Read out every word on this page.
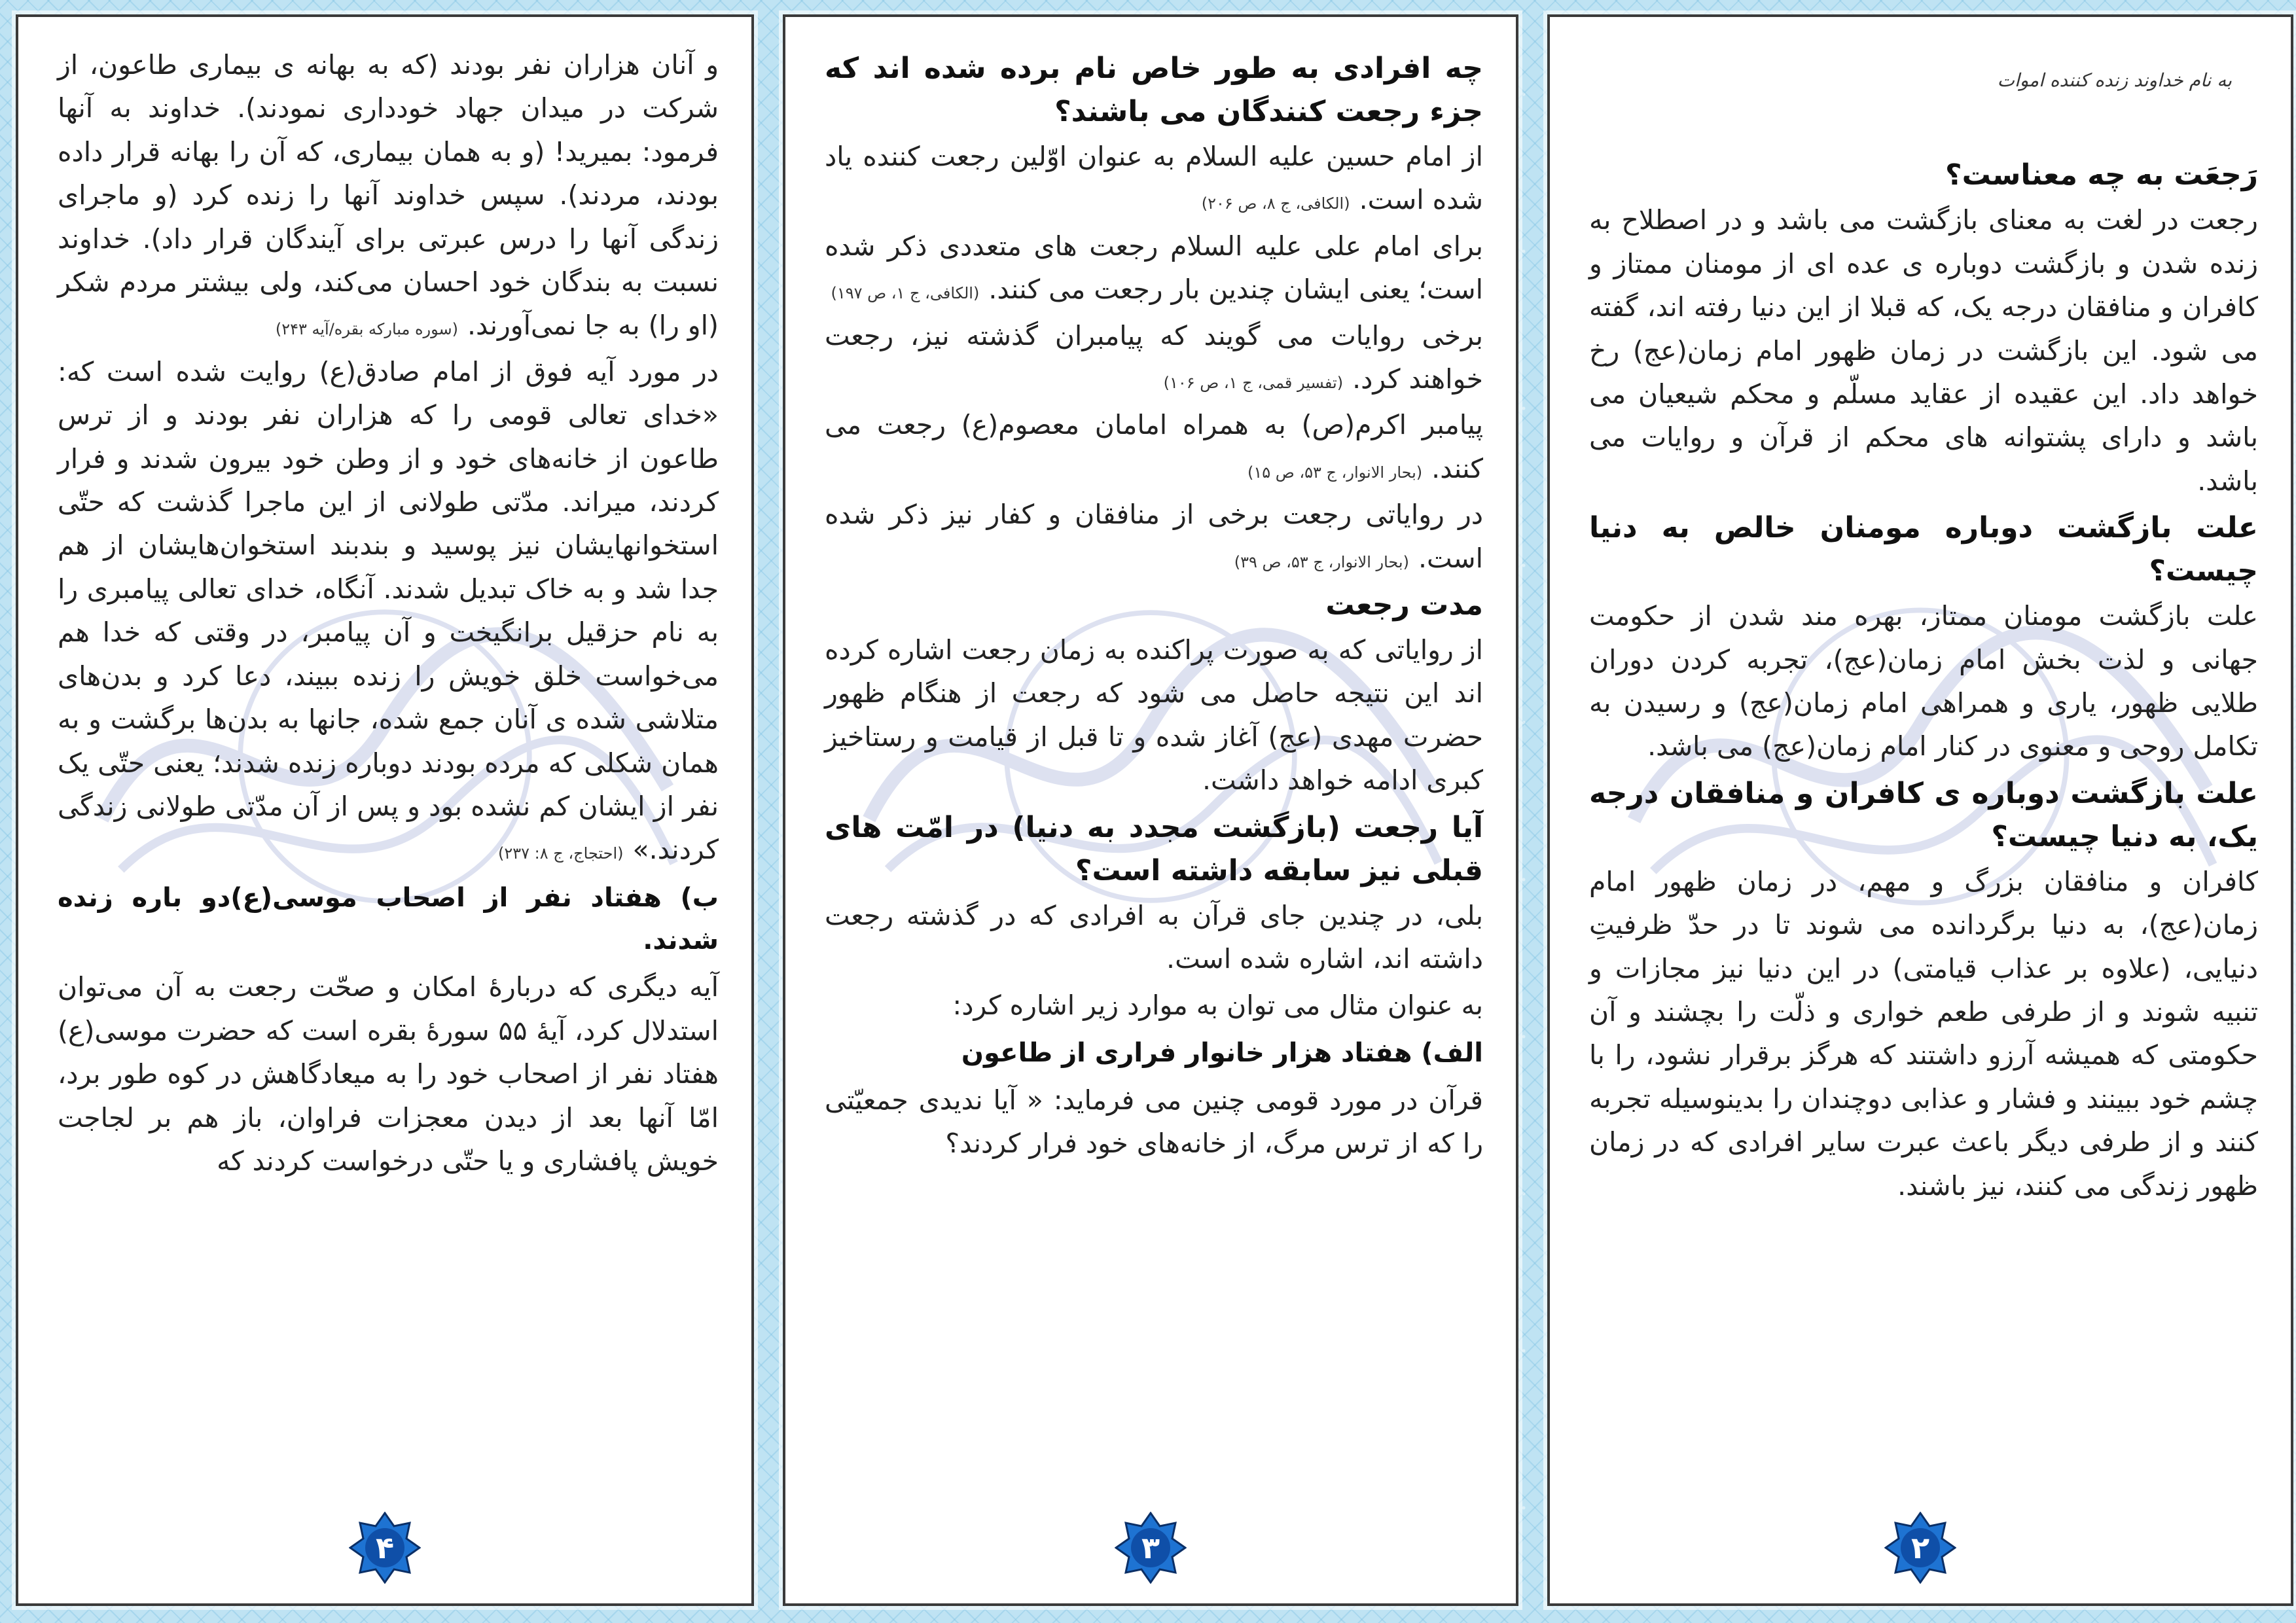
به نام خداوند زنده کننده اموات
رَجعَت به چه معناست؟

رجعت در لغت به معنای بازگشت می باشد و در اصطلاح به زنده شدن و بازگشت دوباره ی عده ای از مومنان ممتاز و کافران و منافقان درجه یک، که قبلا از این دنیا رفته اند، گفته می شود. این بازگشت در زمان ظهور امام زمان(عج) رخ خواهد داد. این عقیده از عقاید مسلّم و محکم شیعیان می باشد و دارای پشتوانه های محکم از قرآن و روایات می باشد.

علت بازگشت دوباره مومنان خالص به دنیا چیست؟

علت بازگشت مومنان ممتاز، بهره مند شدن از حکومت جهانی و لذت بخش امام زمان(عج)، تجربه کردن دوران طلایی ظهور، یاری و همراهی امام زمان(عج) و رسیدن به تکامل روحی و معنوی در کنار امام زمان(عج) می باشد.

علت بازگشت دوباره ی کافران و منافقان درجه یک، به دنیا چیست؟

کافران و منافقان بزرگ و مهم، در زمان ظهور امام زمان(عج)، به دنیا برگردانده می شوند تا در حدّ ظرفیتِ دنیایی، (علاوه بر عذاب قیامتی) در این دنیا نیز مجازات و تنبیه شوند و از طرفی طعم خواری و ذلّت را بچشند و آن حکومتی که همیشه آرزو داشتند که هرگز برقرار نشود، را با چشم خود ببینند و فشار و عذابی دوچندان را بدینوسیله تجربه کنند و از طرفی دیگر باعث عبرت سایر افرادی که در زمان ظهور زندگی می کنند، نیز باشند.

۲
چه افرادی به طور خاص نام برده شده اند که جزء رجعت کنندگان می باشند؟

از امام حسین علیه السلام به عنوان اوّلین رجعت کننده یاد شده است.(الکافی، ج ۸، ص ۲۰۶)

برای امام علی علیه السلام رجعت های متعددی ذکر شده است؛ یعنی ایشان چندین بار رجعت می کنند.(الکافی، ج ۱، ص ۱۹۷)

برخی روایات می گویند که پیامبران گذشته نیز، رجعت خواهند کرد.(تفسیر قمی، ج ۱، ص ۱۰۶)

پیامبر اکرم(ص) به همراه امامان معصوم(ع) رجعت می کنند.(بحار الانوار، ج ۵۳، ص ۱۵)

در روایاتی رجعت برخی از منافقان و کفار نیز ذکر شده است.(بحار الانوار، ج ۵۳، ص ۳۹)

مدت رجعت

از روایاتی که به صورت پراکنده به زمان رجعت اشاره کرده اند این نتیجه حاصل می شود که رجعت از هنگام ظهور حضرت مهدی (عج) آغاز شده و تا قبل از قیامت و رستاخیز کبری ادامه خواهد داشت.

آیا رجعت (بازگشت مجدد به دنیا) در امّت های قبلی نیز سابقه داشته است؟

بلی، در چندین جای قرآن به افرادی که در گذشته رجعت داشته اند، اشاره شده است.

به عنوان مثال می توان به موارد زیر اشاره کرد:

الف) هفتاد هزار خانوار فراری از طاعون

قرآن در مورد قومی چنین می فرماید: « آیا ندیدی جمعیّتی را که از ترس مرگ، از خانه‌های خود فرار کردند؟

۳

و آنان هزاران نفر بودند (که به بهانه ی بیماری طاعون، از شرکت در میدان جهاد خودداری نمودند). خداوند به آنها فرمود: بمیرید! (و به همان بیماری، که آن را بهانه قرار داده بودند، مردند). سپس خداوند آنها را زنده کرد (و ماجرای زندگی آنها را درس عبرتی برای آیندگان قرار داد). خداوند نسبت به بندگان خود احسان می‌کند، ولی بیشتر مردم شکر (او را) به جا نمی‌آورند.(سوره مبارکه بقره/آیه ۲۴۳)

در مورد آیه فوق از امام صادق(ع) روایت شده است که: «خدای تعالی قومی را که هزاران نفر بودند و از ترس طاعون از خانه‌های خود و از وطن خود بیرون شدند و فرار کردند، میراند. مدّتی طولانی از این ماجرا گذشت که حتّی استخوانهایشان نیز پوسید و بندبند استخوان‌هایشان از هم جدا شد و به خاک تبدیل شدند. آنگاه، خدای تعالی پیامبری را به نام حزقیل برانگیخت و آن پیامبر، در وقتی که خدا هم می‌خواست خلق خویش را زنده ببیند، دعا کرد و بدن‌های متلاشی شده ی آنان جمع شده، جانها به بدن‌ها برگشت و به همان شکلی که مرده بودند دوباره زنده شدند؛ یعنی حتّی یک نفر از ایشان کم نشده بود و پس از آن مدّتی طولانی زندگی کردند.»(احتجاج، ج ۸: ۲۳۷)

ب) هفتاد نفر از اصحاب موسی(ع)دو باره زنده شدند.

آیه دیگری که دربارۀ امکان و صحّت رجعت به آن می‌توان استدلال کرد، آیۀ ۵۵ سورۀ بقره است که حضرت موسی(ع) هفتاد نفر از اصحاب خود را به میعادگاهش در کوه طور برد، امّا آنها بعد از دیدن معجزات فراوان، باز هم بر لجاجت خویش پافشاری و یا حتّی درخواست کردند که

۴
